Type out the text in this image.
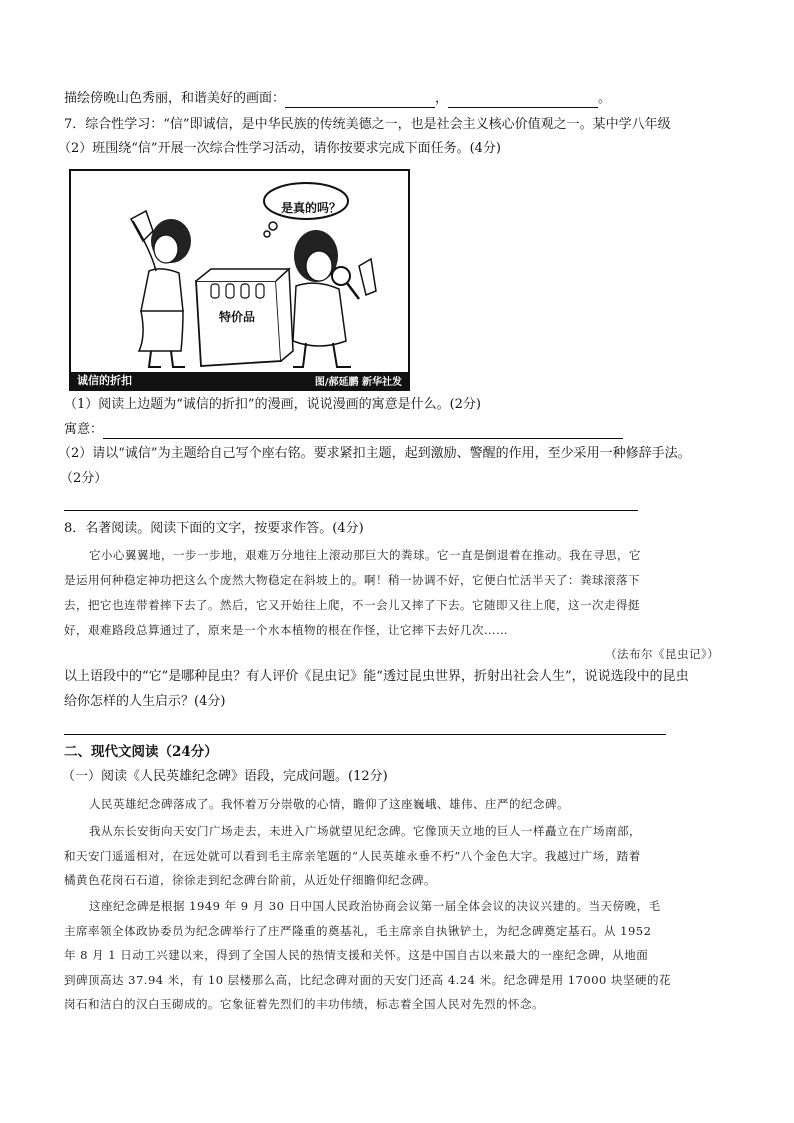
描绘傍晚山色秀丽，和谐美好的画面：	，	。
7．综合性学习：“信”即诚信，是中华民族的传统美德之一，也是社会主义核心价值观之一。某中学八年级
（2）班围绕“信”开展一次综合性学习活动，请你按要求完成下面任务。(4分)
是真的吗？
特价品
诚信的折扣	图/郝延鹏 新华社发
（1）阅读上边题为“诚信的折扣”的漫画，说说漫画的寓意是什么。(2分)
寓意：
（2）请以“诚信”为主题给自己写个座右铭。要求紧扣主题，起到激励、警醒的作用，至少采用一种修辞手法。
（2分）
8．名著阅读。阅读下面的文字，按要求作答。(4分)
它小心翼翼地，一步一步地，艰难万分地往上滚动那巨大的粪球。它一直是倒退着在推动。我在寻思，它
是运用何种稳定神功把这么个庞然大物稳定在斜坡上的。啊！稍一协调不好，它便白忙活半天了：粪球滚落下
去，把它也连带着摔下去了。然后，它又开始往上爬，不一会儿又摔了下去。它随即又往上爬，这一次走得挺
好，艰难路段总算通过了，原来是一个水本植物的根在作怪，让它摔下去好几次……
（法布尔《昆虫记》）
以上语段中的“它”是哪种昆虫？有人评价《昆虫记》能“透过昆虫世界，折射出社会人生”，说说选段中的昆虫
给你怎样的人生启示？(4分)
二、现代文阅读（24分）
（一）阅读《人民英雄纪念碑》语段，完成问题。(12分)
人民英雄纪念碑落成了。我怀着万分崇敬的心情，瞻仰了这座巍峨、雄伟、庄严的纪念碑。
我从东长安街向天安门广场走去，未进入广场就望见纪念碑。它像顶天立地的巨人一样矗立在广场南部，
和天安门遥遥相对，在远处就可以看到毛主席亲笔题的“人民英雄永垂不朽”八个金色大字。我越过广场，踏着
橘黄色花岗石石道，徐徐走到纪念碑台阶前，从近处仔细瞻仰纪念碑。
这座纪念碑是根据 1949 年 9 月 30 日中国人民政治协商会议第一届全体会议的决议兴建的。当天傍晚，毛
主席率领全体政协委员为纪念碑举行了庄严隆重的奠基礼，毛主席亲自执锹铲土，为纪念碑奠定基石。从 1952
年 8 月 1 日动工兴建以来，得到了全国人民的热情支援和关怀。这是中国自古以来最大的一座纪念碑，从地面
到碑顶高达 37.94 米，有 10 层楼那么高，比纪念碑对面的天安门还高 4.24 米。纪念碑是用 17000 块坚硬的花
岗石和洁白的汉白玉砌成的。它象征着先烈们的丰功伟绩，标志着全国人民对先烈的怀念。
